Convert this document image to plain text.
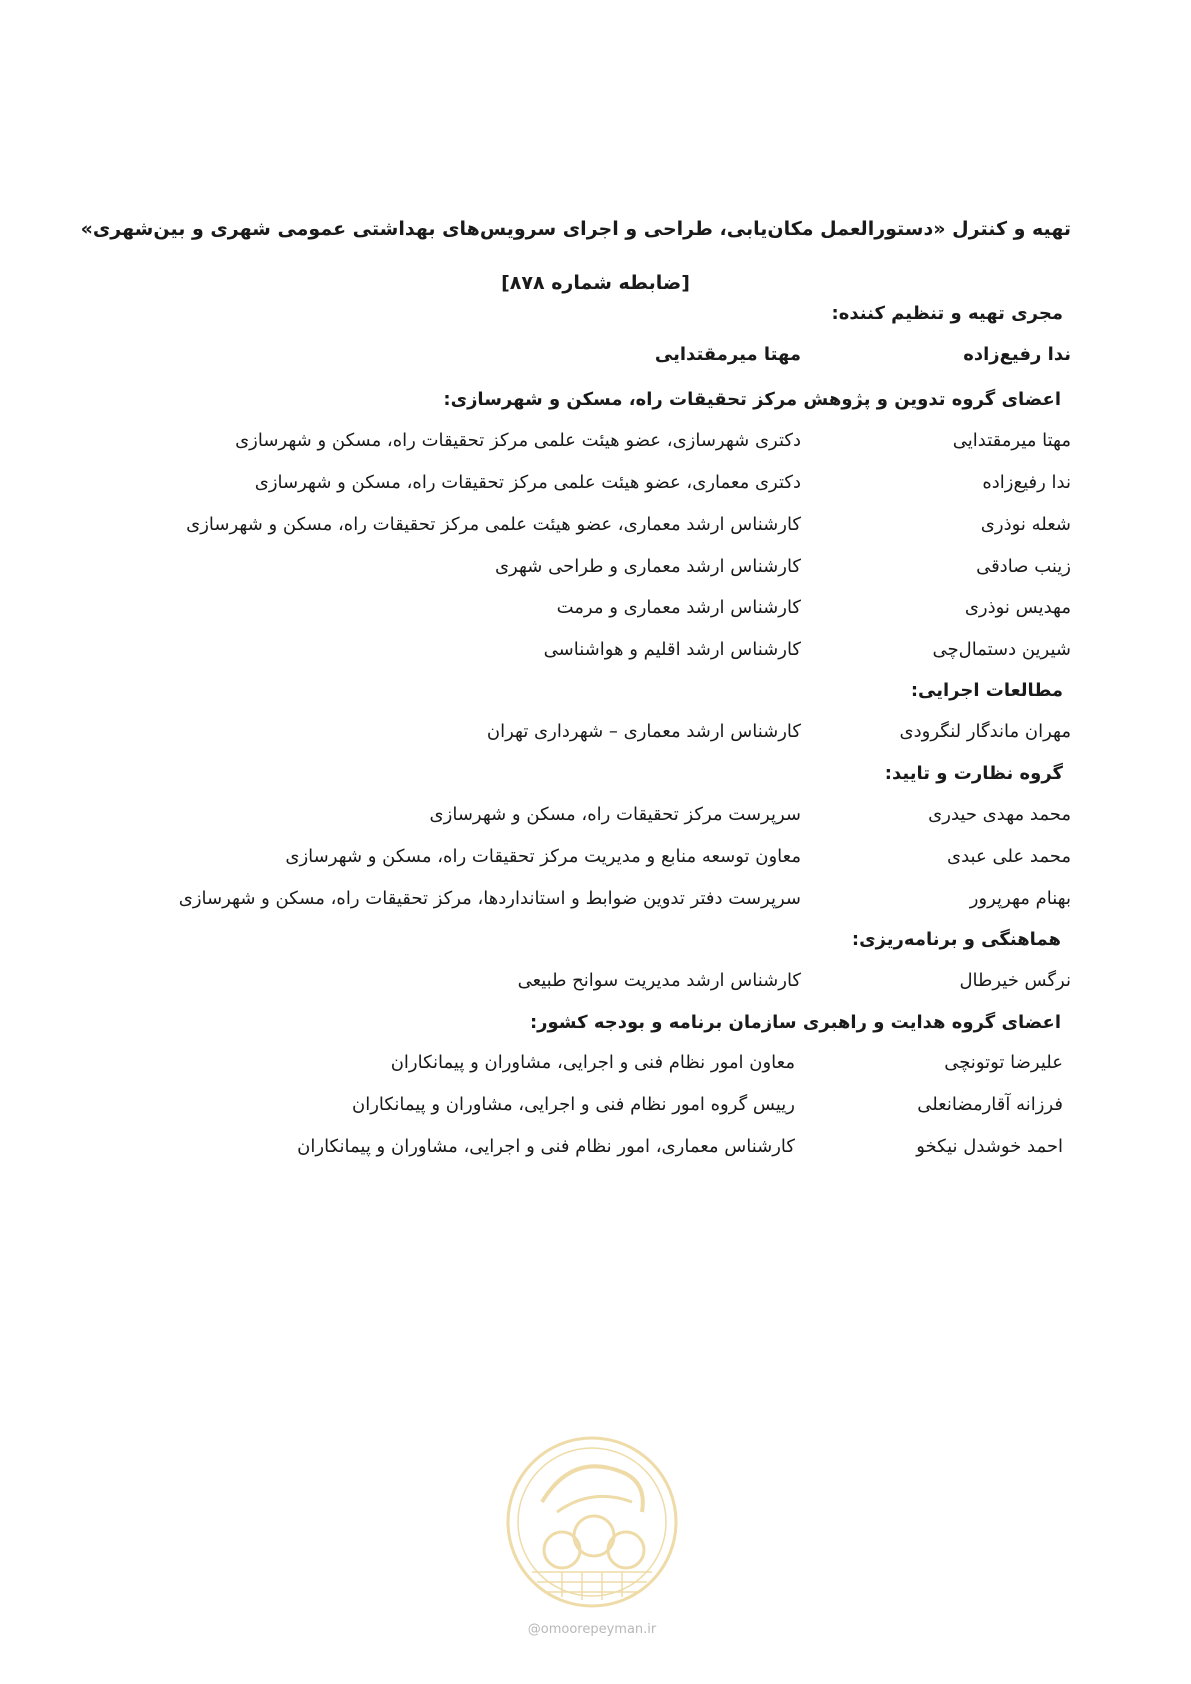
تهیه و کنترل «دستورالعمل مکان‌یابی، طراحی و اجرای سرویس‌های بهداشتی عمومی شهری و بین‌شهری»
[ضابطه شماره ۸۷۸]
مجری تهیه و تنظیم کننده:
ندا رفیع‌زاده
مهتا میرمقتدایی
اعضای گروه تدوین و پژوهش مرکز تحقیقات راه، مسکن و شهرسازی:
مهتا میرمقتدایی
دکتری شهرسازی، عضو هیئت علمی مرکز تحقیقات راه، مسکن و شهرسازی
ندا رفیع‌زاده
دکتری معماری، عضو هیئت علمی مرکز تحقیقات راه، مسکن و شهرسازی
شعله نوذری
کارشناس ارشد معماری، عضو هیئت علمی مرکز تحقیقات راه، مسکن و شهرسازی
زینب صادقی
کارشناس ارشد معماری و طراحی شهری
مهدیس نوذری
کارشناس ارشد معماری و مرمت
شیرین دستمال‌چی
کارشناس ارشد اقلیم و هواشناسی
مطالعات اجرایی:
مهران ماندگار لنگرودی
کارشناس ارشد معماری – شهرداری تهران
گروه نظارت و تایید:
محمد مهدی حیدری
سرپرست مرکز تحقیقات راه، مسکن و شهرسازی
محمد علی عبدی
معاون توسعه منابع و مدیریت مرکز تحقیقات راه، مسکن و شهرسازی
بهنام مهرپرور
سرپرست دفتر تدوین ضوابط و استانداردها، مرکز تحقیقات راه، مسکن و شهرسازی
هماهنگی و برنامه‌ریزی:
نرگس خیرطال
کارشناس ارشد مدیریت سوانح طبیعی
اعضای گروه هدایت و راهبری سازمان برنامه و بودجه کشور:
علیرضا توتونچی
معاون امور نظام فنی و اجرایی، مشاوران و پیمانکاران
فرزانه آقارمضانعلی
رییس گروه امور نظام فنی و اجرایی، مشاوران و پیمانکاران
احمد خوشدل نیکخو
کارشناس معماری، امور نظام فنی و اجرایی، مشاوران و پیمانکاران
@omoorepeyman.ir
